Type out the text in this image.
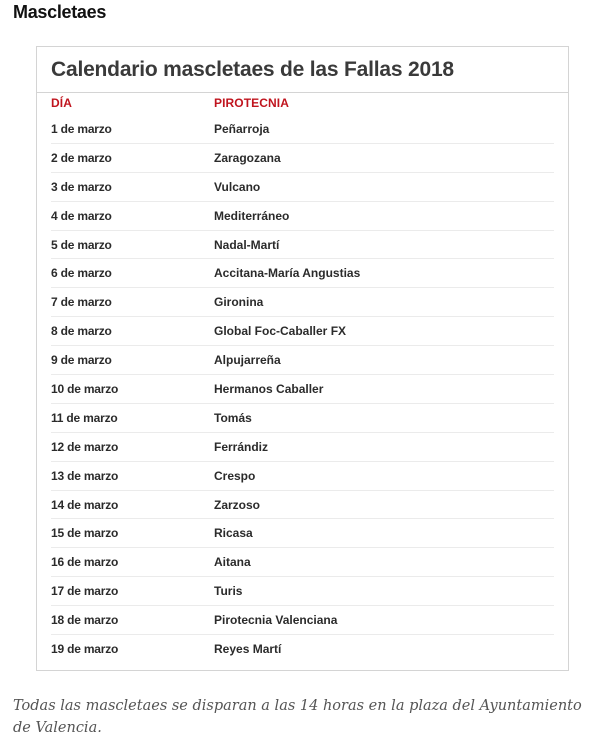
Mascletaes
Calendario mascletaes de las Fallas 2018
DÍA	PIROTECNIA
1 de marzo	Peñarroja
2 de marzo	Zaragozana
3 de marzo	Vulcano
4 de marzo	Mediterráneo
5 de marzo	Nadal-Martí
6 de marzo	Accitana-María Angustias
7 de marzo	Gironina
8 de marzo	Global Foc-Caballer FX
9 de marzo	Alpujarreña
10 de marzo	Hermanos Caballer
11 de marzo	Tomás
12 de marzo	Ferrándiz
13 de marzo	Crespo
14 de marzo	Zarzoso
15 de marzo	Ricasa
16 de marzo	Aitana
17 de marzo	Turis
18 de marzo	Pirotecnia Valenciana
19 de marzo	Reyes Martí

Todas las mascletaes se disparan a las 14 horas en la plaza del Ayuntamiento de Valencia.
